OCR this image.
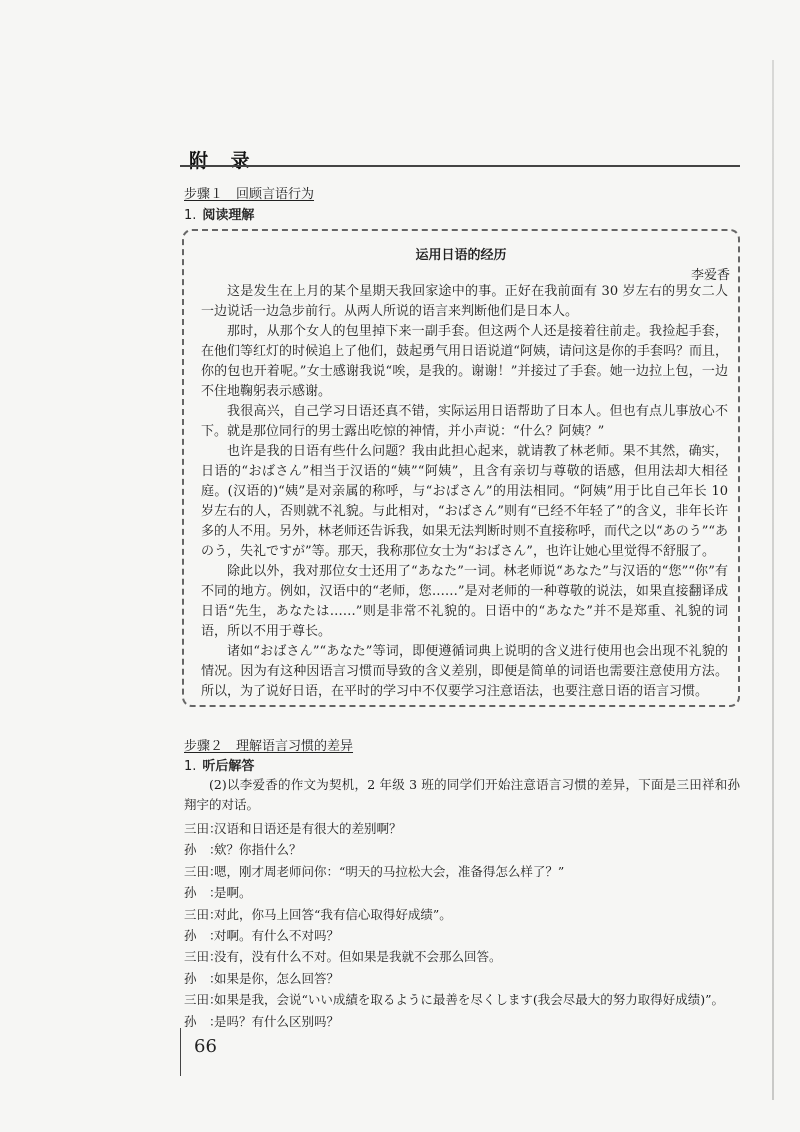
附 录
步骤１　回顾言语行为
1. 阅读理解
运用日语的经历
李爱香

这是发生在上月的某个星期天我回家途中的事。正好在我前面有 30 岁左右的男女二人一边说话一边急步前行。从两人所说的语言来判断他们是日本人。

那时，从那个女人的包里掉下来一副手套。但这两个人还是接着往前走。我捡起手套，在他们等红灯的时候追上了他们，鼓起勇气用日语说道“阿姨，请问这是你的手套吗？而且，你的包也开着呢。”女士感谢我说“唉，是我的。谢谢！”并接过了手套。她一边拉上包，一边不住地鞠躬表示感谢。

我很高兴，自己学习日语还真不错，实际运用日语帮助了日本人。但也有点儿事放心不下。就是那位同行的男士露出吃惊的神情，并小声说：“什么？阿姨？”

也许是我的日语有些什么问题？我由此担心起来，就请教了林老师。果不其然，确实，日语的“おばさん”相当于汉语的“姨”“阿姨”，且含有亲切与尊敬的语感，但用法却大相径庭。(汉语的)“姨”是对亲属的称呼，与“おばさん”的用法相同。“阿姨”用于比自己年长 10 岁左右的人，否则就不礼貌。与此相对，“おばさん”则有“已经不年轻了”的含义，非年长许多的人不用。另外，林老师还告诉我，如果无法判断时则不直接称呼，而代之以“あのう”“あのう，失礼ですが”等。那天，我称那位女士为“おばさん”，也许让她心里觉得不舒服了。

除此以外，我对那位女士还用了“あなた”一词。林老师说“あなた”与汉语的“您”“你”有不同的地方。例如，汉语中的“老师，您……”是对老师的一种尊敬的说法，如果直接翻译成日语“先生，あなたは……”则是非常不礼貌的。日语中的“あなた”并不是郑重、礼貌的词语，所以不用于尊长。

诸如“おばさん”“あなた”等词，即便遵循词典上说明的含义进行使用也会出现不礼貌的情况。因为有这种因语言习惯而导致的含义差别，即便是简单的词语也需要注意使用方法。所以，为了说好日语，在平时的学习中不仅要学习注意语法，也要注意日语的语言习惯。

步骤２　理解语言习惯的差异
1. 听后解答
(2)以李爱香的作文为契机，2 年级 3 班的同学们开始注意语言习惯的差异，下面是三田祥和孙翔宇的对话。
三田：汉语和日语还是有很大的差别啊？
孙　：欸？你指什么？
三田：嗯，刚才周老师问你：“明天的马拉松大会，准备得怎么样了？”
孙　：是啊。
三田：对此，你马上回答“我有信心取得好成绩”。
孙　：对啊。有什么不对吗？
三田：没有，没有什么不对。但如果是我就不会那么回答。
孙　：如果是你，怎么回答？
三田：如果是我，会说“いい成績を取るように最善を尽くします(我会尽最大的努力取得好成绩)”。
孙　：是吗？有什么区别吗？
66
